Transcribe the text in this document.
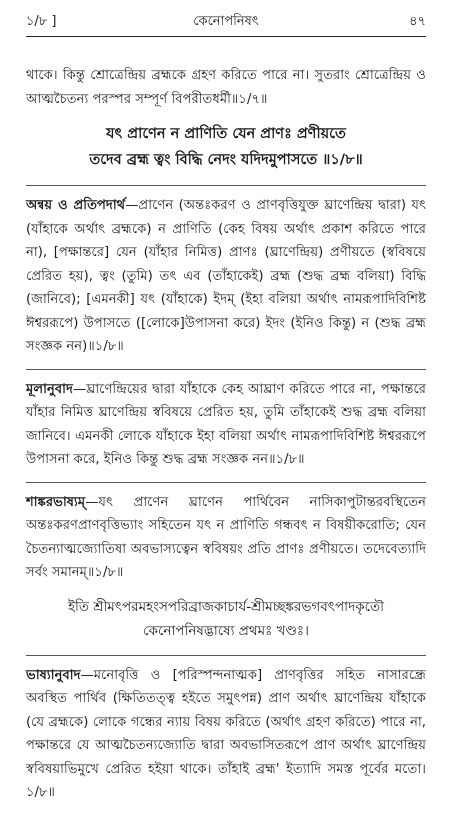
১/৮ ]	কেনোপনিষৎ	৪৭

থাকে। কিন্তু শ্রোত্রেন্দ্রিয় ব্রহ্মকে গ্রহণ করিতে পারে না। সুতরাং শ্রোত্রেন্দ্রিয় ও আত্মচৈতন্য পরস্পর সম্পূর্ণ বিপরীতধর্মী॥১/৭॥

যৎ প্রাণেন ন প্রাণিতি যেন প্রাণঃ প্রণীয়তে
তদেব ব্রহ্ম ত্বং বিদ্ধি নেদং যদিদমুপাসতে ॥১/৮॥

অন্বয় ও প্রতিপদার্থ—প্রাণেন (অন্তঃকরণ ও প্রাণবৃত্তিযুক্ত ঘ্রাণেন্দ্রিয় দ্বারা) যৎ (যাঁহাকে অর্থাৎ ব্রহ্মকে) ন প্রাণিতি (কেহ বিষয় অর্থাৎ প্রকাশ করিতে পারে না), [পক্ষান্তরে] যেন (যাঁহার নিমিত্ত) প্রাণঃ (ঘ্রাণেন্দ্রিয়) প্রণীয়তে (স্ববিষয়ে প্রেরিত হয়), ত্বং (তুমি) তৎ এব (তাঁহাকেই) ব্রহ্ম (শুদ্ধ ব্রহ্ম বলিয়া) বিদ্ধি (জানিবে); [এমনকী] যৎ (যাঁহাকে) ইদম্ (ইহা বলিয়া অর্থাৎ নামরূপাদিবিশিষ্ট ঈশ্বররূপে) উপাসতে ([লোকে]উপাসনা করে) ইদং (ইনিও কিন্তু) ন (শুদ্ধ ব্রহ্ম সংজ্ঞক নন)॥১/৮॥

মূলানুবাদ—ঘ্রাণেন্দ্রিয়ের দ্বারা যাঁহাকে কেহ আঘ্রাণ করিতে পারে না, পক্ষান্তরে যাঁহার নিমিত্ত ঘ্রাণেন্দ্রিয় স্ববিষয়ে প্রেরিত হয়, তুমি তাঁহাকেই শুদ্ধ ব্রহ্ম বলিয়া জানিবে। এমনকী লোকে যাঁহাকে ইহা বলিয়া অর্থাৎ নামরূপাদিবিশিষ্ট ঈশ্বররূপে উপাসনা করে, ইনিও কিন্তু শুদ্ধ ব্রহ্ম সংজ্ঞক নন॥১/৮॥

শাঙ্করভাষ্যম্—যৎ প্রাণেন ঘ্রাণেন পার্থিবেন নাসিকাপুটান্তরবস্থিতেন অন্তঃকরণপ্রাণবৃত্তিভ্যাং সহিতেন যৎ ন প্রাণিতি গন্ধবৎ ন বিষয়ীকরোতি; যেন চৈতন্যাত্মজ্যোতিষা অবভাস্যত্বেন স্ববিষয়ং প্রতি প্রাণঃ প্রণীয়তে। তদেবেত্যাদি সর্বং সমানম্॥১/৮॥

ইতি শ্রীমৎপরমহংসপরিব্রাজকাচার্য-শ্রীমচ্ছঙ্করভগবৎপাদকৃতৌ
কেনোপনিষদ্ভাষ্যে প্রথমঃ খণ্ডঃ।

ভাষ্যানুবাদ—মনোবৃত্তি ও [পরিস্পন্দনাত্মক] প্রাণবৃত্তির সহিত নাসারন্ধ্রে অবস্থিত পার্থিব (ক্ষিতিতত্ত্ব হইতে সমুৎপন্ন) প্রাণ অর্থাৎ ঘ্রাণেন্দ্রিয় যাঁহাকে (যে ব্রহ্মকে) লোকে গন্ধের ন্যায় বিষয় করিতে (অর্থাৎ গ্রহণ করিতে) পারে না, পক্ষান্তরে যে আত্মচৈতন্যজ্যোতি দ্বারা অবভাসিতরূপে প্রাণ অর্থাৎ ঘ্রাণেন্দ্রিয় স্ববিষয়াভিমুখে প্রেরিত হইয়া থাকে। তাঁহাই ব্রহ্ম' ইত্যাদি সমস্ত পূর্বের মতো।১/৮॥
